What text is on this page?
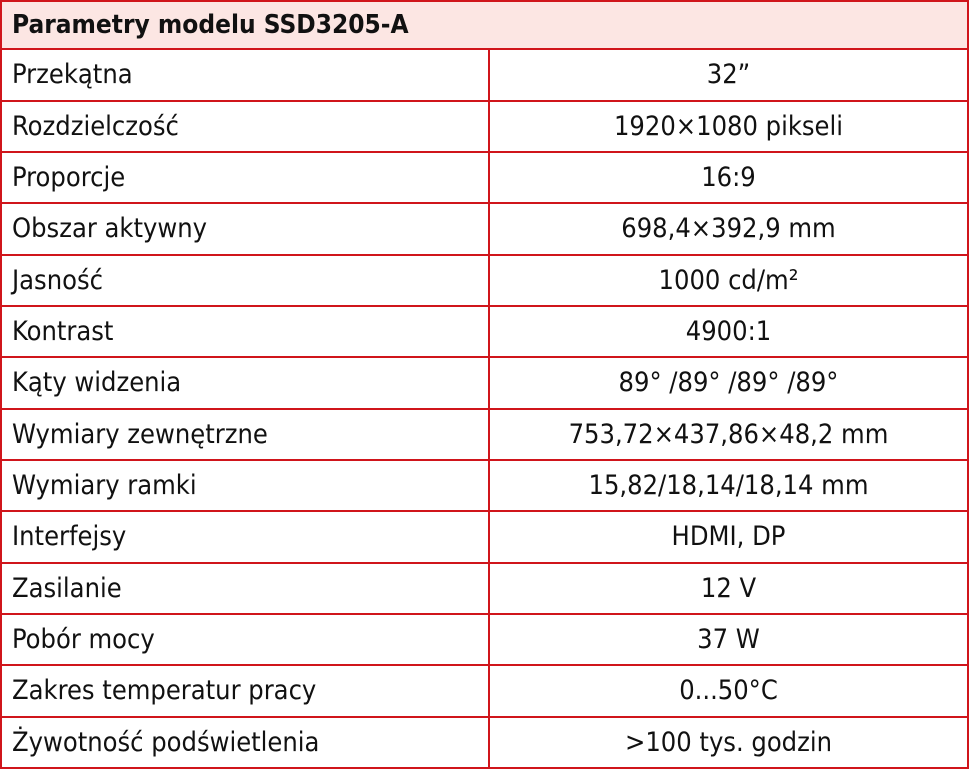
Parametry modelu SSD3205-A	
Przekątna	32”
Rozdzielczość	1920×1080 pikseli
Proporcje	16:9
Obszar aktywny	698,4×392,9 mm
Jasność	1000 cd/m²
Kontrast	4900:1
Kąty widzenia	89° /89° /89° /89°
Wymiary zewnętrzne	753,72×437,86×48,2 mm
Wymiary ramki	15,82/18,14/18,14 mm
Interfejsy	HDMI, DP
Zasilanie	12 V
Pobór mocy	37 W
Zakres temperatur pracy	0...50°C
Żywotność podświetlenia	>100 tys. godzin
